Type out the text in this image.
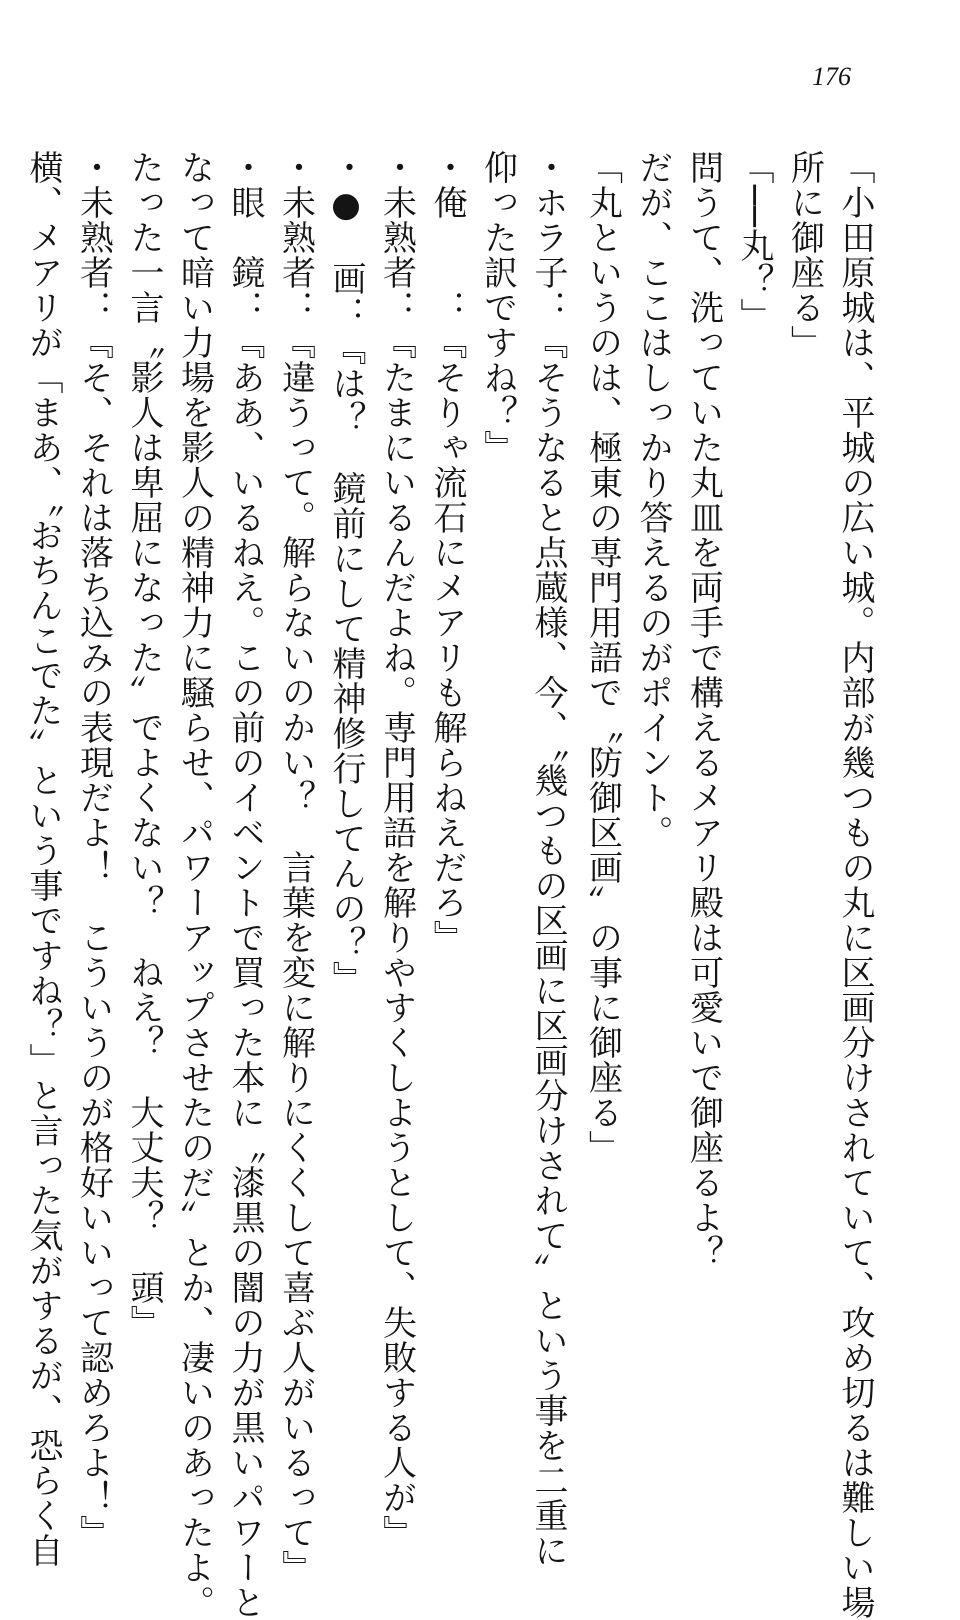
176
「小田原城は、平城の広い城。内部が幾つもの丸に区画分けされていて、攻め切るは難しい場
所に御座る」
「──丸？」
問うて、洗っていた丸皿を両手で構えるメアリ殿は可愛いで御座るよ？
だが、ここはしっかり答えるのがポイント。
「丸というのは、極東の専門用語で〝防御区画〟の事に御座る」
・ホラ子：『そうなると点蔵様、今、〝幾つもの区画に区画分けされて〟という事を二重に
仰った訳ですね？』
・俺　　：『そりゃ流石にメアリも解らねえだろ』
・未熟者：『たまにいるんだよね。専門用語を解りやすくしようとして、失敗する人が』
・●　画：『は？　鏡前にして精神修行してんの？』
・未熟者：『違うって。解らないのかい？　言葉を変に解りにくくして喜ぶ人がいるって』
・眼　鏡：『ああ、いるねえ。この前のイベントで買った本に〝漆黒の闇の力が黒いパワーと
なって暗い力場を影人の精神力に騒らせ、パワーアップさせたのだ〟とか、凄いのあったよ。
たった一言〝影人は卑屈になった〟でよくない？　ねえ？　大丈夫？　頭』
・未熟者：『そ、それは落ち込みの表現だよ！　こういうのが格好いいって認めろよ！』
横、メアリが「まあ、〝おちんこでた〟という事ですね？」と言った気がするが、恐らく自
